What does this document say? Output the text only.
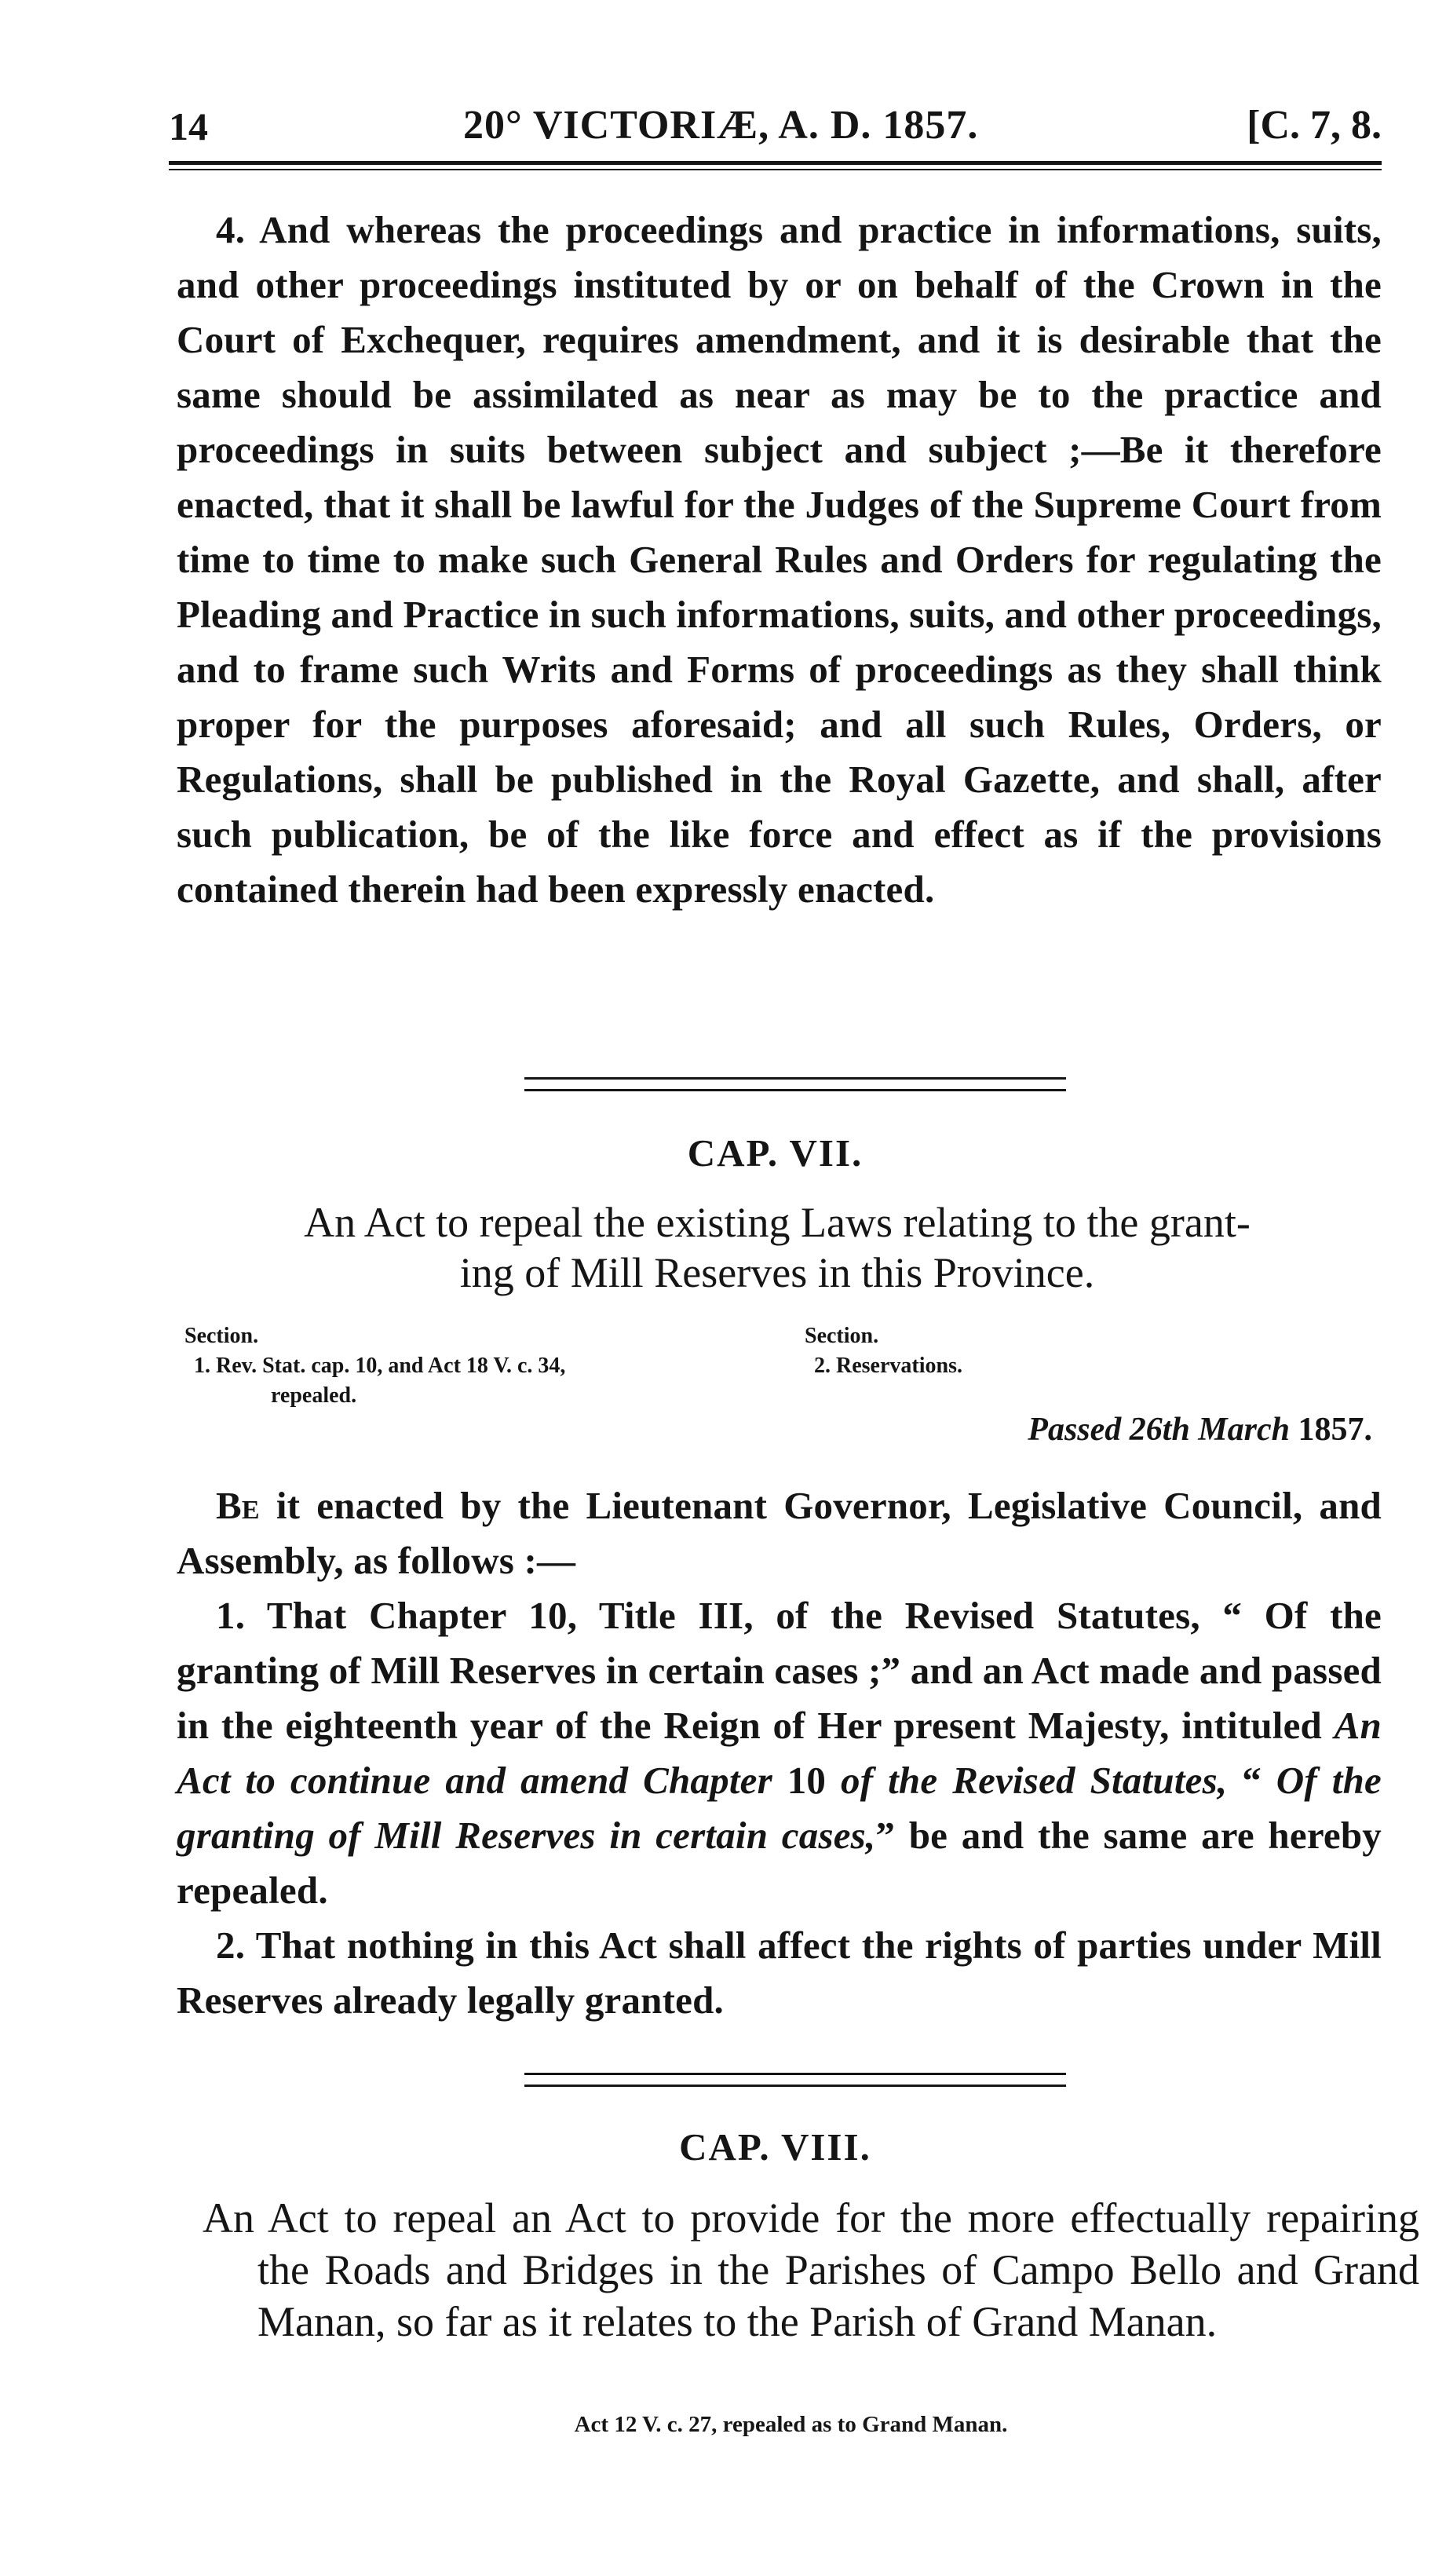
14	20° VICTORIÆ, A. D. 1857.	[C. 7, 8.
4. And whereas the proceedings and practice in informations, suits, and other proceedings instituted by or on behalf of the Crown in the Court of Exchequer, requires amendment, and it is desirable that the same should be assimilated as near as may be to the practice and proceedings in suits between subject and subject ;—Be it therefore enacted, that it shall be lawful for the Judges of the Supreme Court from time to time to make such General Rules and Orders for regulating the Pleading and Practice in such informations, suits, and other proceedings, and to frame such Writs and Forms of proceedings as they shall think proper for the purposes aforesaid; and all such Rules, Orders, or Regulations, shall be published in the Royal Gazette, and shall, after such publication, be of the like force and effect as if the provisions contained therein had been expressly enacted.
CAP. VII.
An Act to repeal the existing Laws relating to the grant-
ing of Mill Reserves in this Province.
Section.
1. Rev. Stat. cap. 10, and Act 18 V. c. 34,
repealed.
Section.
2. Reservations.
Passed 26th March 1857.
Be it enacted by the Lieutenant Governor, Legislative Council, and Assembly, as follows :—
1. That Chapter 10, Title III, of the Revised Statutes, “ Of the granting of Mill Reserves in certain cases ;” and an Act made and passed in the eighteenth year of the Reign of Her present Majesty, intituled An Act to continue and amend Chapter 10 of the Revised Statutes, “ Of the granting of Mill Reserves in certain cases,” be and the same are hereby repealed.
2. That nothing in this Act shall affect the rights of parties under Mill Reserves already legally granted.
CAP. VIII.
An Act to repeal an Act to provide for the more effectually repairing the Roads and Bridges in the Parishes of Campo Bello and Grand Manan, so far as it relates to the Parish of Grand Manan.
Act 12 V. c. 27, repealed as to Grand Manan.
